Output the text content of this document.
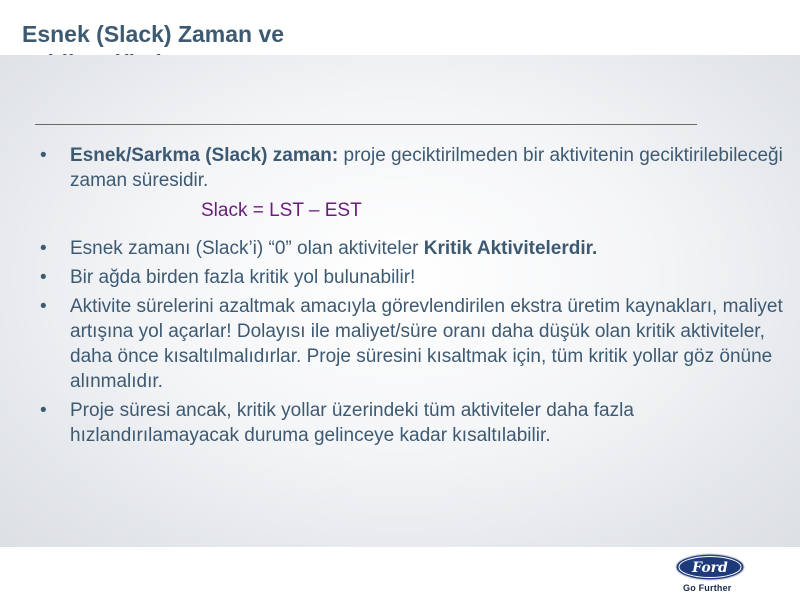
Esnek (Slack) Zaman ve

• Esnek/Sarkma (Slack) zaman: proje geciktirilmeden bir aktivitenin geciktirilebileceği zaman süresidir.
Slack = LST – EST
• Esnek zamanı (Slack’i) “0” olan aktiviteler Kritik Aktivitelerdir.
• Bir ağda birden fazla kritik yol bulunabilir!
• Aktivite sürelerini azaltmak amacıyla görevlendirilen ekstra üretim kaynakları, maliyet artışına yol açarlar! Dolayısı ile maliyet/süre oranı daha düşük olan kritik aktiviteler, daha önce kısaltılmalıdırlar. Proje süresini kısaltmak için, tüm kritik yollar göz önüne alınmalıdır.
• Proje süresi ancak, kritik yollar üzerindeki tüm aktiviteler daha fazla hızlandırılamayacak duruma gelinceye kadar kısaltılabilir.
Ford
Go Further
